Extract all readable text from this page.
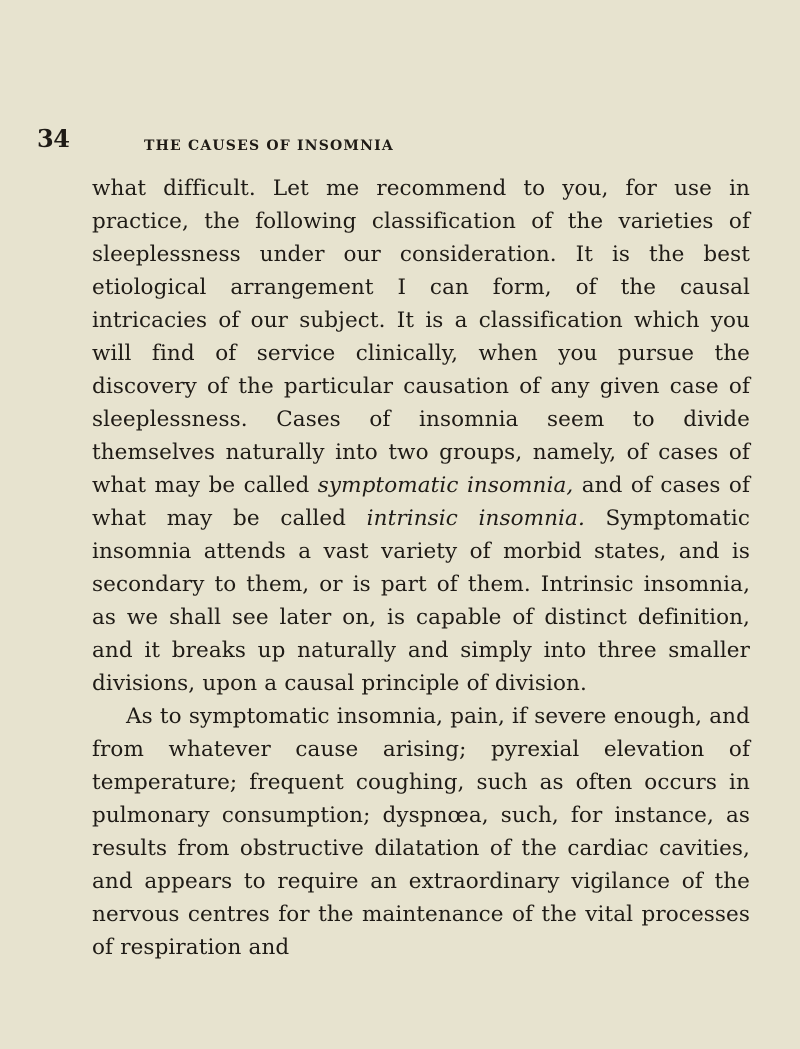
34	THE CAUSES OF INSOMNIA

what difficult. Let me recommend to you, for use in practice, the following classification of the varieties of sleeplessness under our consideration. It is the best etiological arrangement I can form, of the causal intricacies of our subject. It is a classification which you will find of service clinically, when you pursue the discovery of the particular causation of any given case of sleeplessness. Cases of insomnia seem to divide themselves naturally into two groups, namely, of cases of what may be called symptomatic insomnia, and of cases of what may be called intrinsic insomnia. Symptomatic insomnia attends a vast variety of morbid states, and is secondary to them, or is part of them. Intrinsic insomnia, as we shall see later on, is capable of distinct definition, and it breaks up naturally and simply into three smaller divisions, upon a causal principle of division.

As to symptomatic insomnia, pain, if severe enough, and from whatever cause arising; pyrexial elevation of temperature; frequent coughing, such as often occurs in pulmonary consumption; dyspnœa, such, for instance, as results from obstructive dilatation of the cardiac cavities, and appears to require an extraordinary vigilance of the nervous centres for the maintenance of the vital processes of respiration and
